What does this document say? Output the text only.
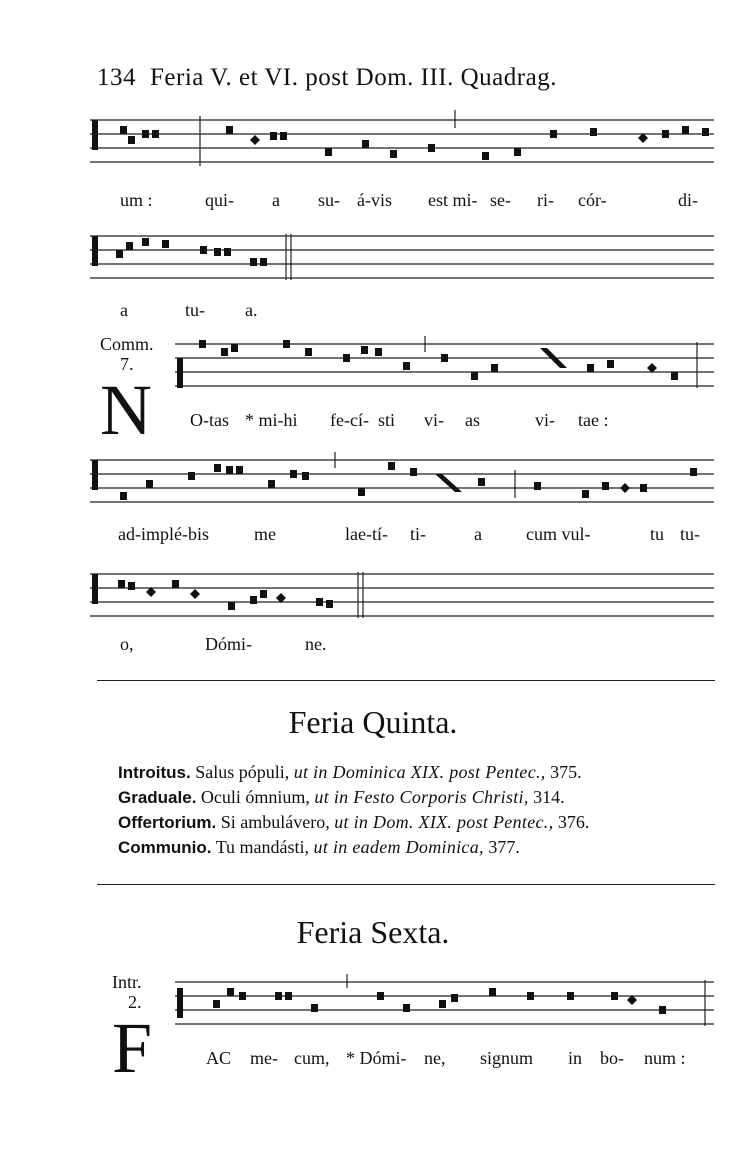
134 Feria V. et VI. post Dom. III. Quadrag.
um :	qui- a su- á-vis est mi- se- ri- cór-	di-
a	tu- a.
Comm.
7.
N O-tas * mi-hi fe-cí- sti vi- as	vi- tae :
ad-implé-bis	me	lae-tí- ti-	a cum vul-	tu tu-
o,	Dómi-	ne.
Feria Quinta.
Introitus. Salus pópuli, ut in Dominica XIX. post Pentec., 375.
Graduale. Oculi ómnium, ut in Festo Corporis Christi, 314.
Offertorium. Si ambulávero, ut in Dom. XIX. post Pentec., 376.
Communio. Tu mandásti, ut in eadem Dominica, 377.
Feria Sexta.
Intr.
2.
F	AC me- cum, * Dómi- ne, signum in bo- num :
